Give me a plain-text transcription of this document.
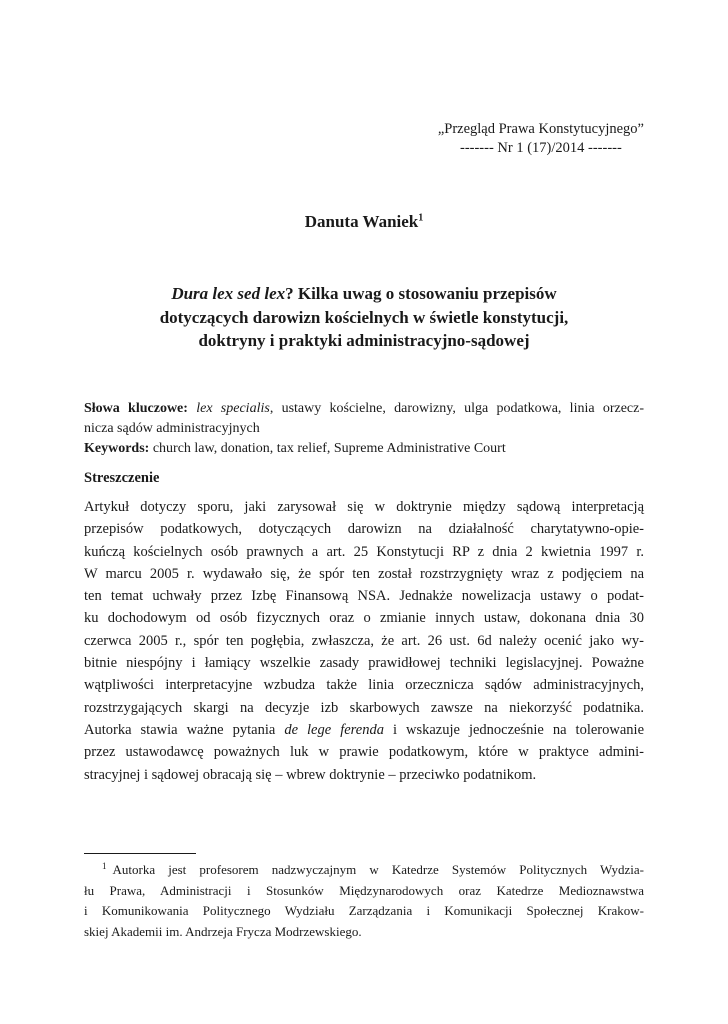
„Przegląd Prawa Konstytucyjnego”
------- Nr 1 (17)/2014 -------
Danuta Waniek$^1$
Dura lex sed lex? Kilka uwag o stosowaniu przepisów
dotyczących darowizn kościelnych w świetle konstytucji,
doktryny i praktyki administracyjno-sądowej
Słowa kluczowe: lex specialis, ustawy kościelne, darowizny, ulga podatkowa, linia orzecz-
nicza sądów administracyjnych
Keywords: church law, donation, tax relief, Supreme Administrative Court
Streszczenie
Artykuł dotyczy sporu, jaki zarysował się w doktrynie między sądową interpretacją
przepisów podatkowych, dotyczących darowizn na działalność charytatywno-opie-
kuńczą kościelnych osób prawnych a art. 25 Konstytucji RP z dnia 2 kwietnia 1997 r.
W marcu 2005 r. wydawało się, że spór ten został rozstrzygnięty wraz z podjęciem na
ten temat uchwały przez Izbę Finansową NSA. Jednakże nowelizacja ustawy o podat-
ku dochodowym od osób fizycznych oraz o zmianie innych ustaw, dokonana dnia 30
czerwca 2005 r., spór ten pogłębia, zwłaszcza, że art. 26 ust. 6d należy ocenić jako wy-
bitnie niespójny i łamiący wszelkie zasady prawidłowej techniki legislacyjnej. Poważne
wątpliwości interpretacyjne wzbudza także linia orzecznicza sądów administracyjnych,
rozstrzygających skargi na decyzje izb skarbowych zawsze na niekorzyść podatnika.
Autorka stawia ważne pytania de lege ferenda i wskazuje jednocześnie na tolerowanie
przez ustawodawcę poważnych luk w prawie podatkowym, które w praktyce admini-
stracyjnej i sądowej obracają się – wbrew doktrynie – przeciwko podatnikom.
$^1$ Autorka jest profesorem nadzwyczajnym w Katedrze Systemów Politycznych Wydzia-
łu Prawa, Administracji i Stosunków Międzynarodowych oraz Katedrze Medioznawstwa
i Komunikowania Politycznego Wydziału Zarządzania i Komunikacji Społecznej Krakow-
skiej Akademii im. Andrzeja Frycza Modrzewskiego.
